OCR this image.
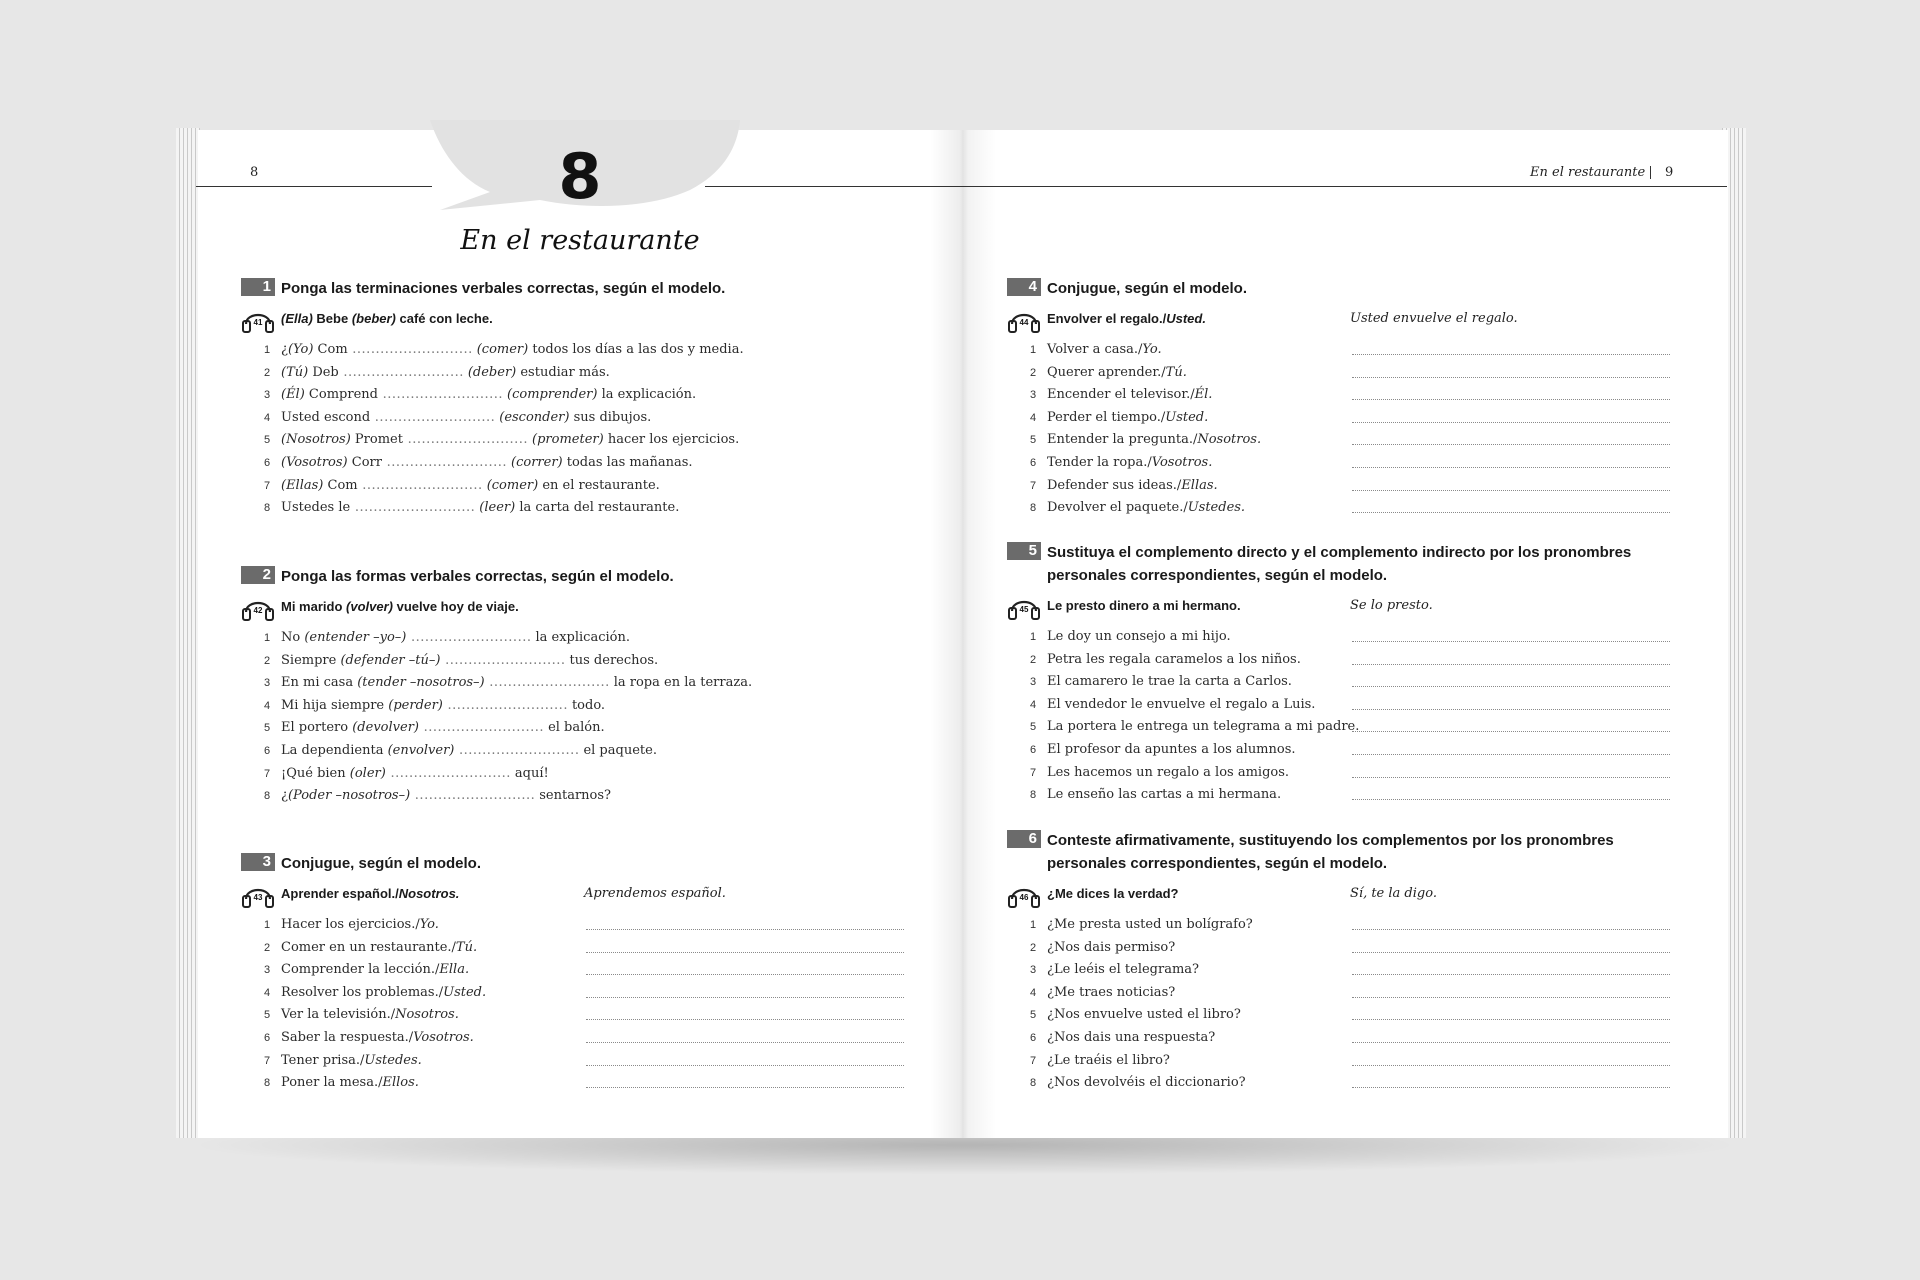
8
En el restaurante
8	En el restaurante 9
1 Ponga las terminaciones verbales correctas, según el modelo.
41	(Ella) Bebe (beber) café con leche.
1 ¿(Yo) Com .......................... (comer) todos los días a las dos y media.
2 (Tú) Deb .......................... (deber) estudiar más.
3 (Él) Comprend .......................... (comprender) la explicación.
4 Usted escond .......................... (esconder) sus dibujos.
5 (Nosotros) Promet .......................... (prometer) hacer los ejercicios.
6 (Vosotros) Corr .......................... (correr) todas las mañanas.
7 (Ellas) Com .......................... (comer) en el restaurante.
8 Ustedes le .......................... (leer) la carta del restaurante.
2 Ponga las formas verbales correctas, según el modelo.
42	Mi marido (volver) vuelve hoy de viaje.
1 No (entender –yo–) .......................... la explicación.
2 Siempre (defender –tú–) .......................... tus derechos.
3 En mi casa (tender –nosotros–) .......................... la ropa en la terraza.
4 Mi hija siempre (perder) .......................... todo.
5 El portero (devolver) .......................... el balón.
6 La dependienta (envolver) .......................... el paquete.
7 ¡Qué bien (oler) .......................... aquí!
8 ¿(Poder –nosotros–) .......................... sentarnos?
3 Conjugue, según el modelo.
43	Aprender español./Nosotros.	Aprendemos español.
1 Hacer los ejercicios./Yo.
2 Comer en un restaurante./Tú.
3 Comprender la lección./Ella.
4 Resolver los problemas./Usted.
5 Ver la televisión./Nosotros.
6 Saber la respuesta./Vosotros.
7 Tener prisa./Ustedes.
8 Poner la mesa./Ellos.
4 Conjugue, según el modelo.
44	Envolver el regalo./Usted.	Usted envuelve el regalo.
1 Volver a casa./Yo.
2 Querer aprender./Tú.
3 Encender el televisor./Él.
4 Perder el tiempo./Usted.
5 Entender la pregunta./Nosotros.
6 Tender la ropa./Vosotros.
7 Defender sus ideas./Ellas.
8 Devolver el paquete./Ustedes.
5 Sustituya el complemento directo y el complemento indirecto por los pronombres personales correspondientes, según el modelo.
45	Le presto dinero a mi hermano.	Se lo presto.
1 Le doy un consejo a mi hijo.
2 Petra les regala caramelos a los niños.
3 El camarero le trae la carta a Carlos.
4 El vendedor le envuelve el regalo a Luis.
5 La portera le entrega un telegrama a mi padre.
6 El profesor da apuntes a los alumnos.
7 Les hacemos un regalo a los amigos.
8 Le enseño las cartas a mi hermana.
6 Conteste afirmativamente, sustituyendo los complementos por los pronombres personales correspondientes, según el modelo.
46	¿Me dices la verdad?	Sí, te la digo.
1 ¿Me presta usted un bolígrafo?
2 ¿Nos dais permiso?
3 ¿Le leéis el telegrama?
4 ¿Me traes noticias?
5 ¿Nos envuelve usted el libro?
6 ¿Nos dais una respuesta?
7 ¿Le traéis el libro?
8 ¿Nos devolvéis el diccionario?
